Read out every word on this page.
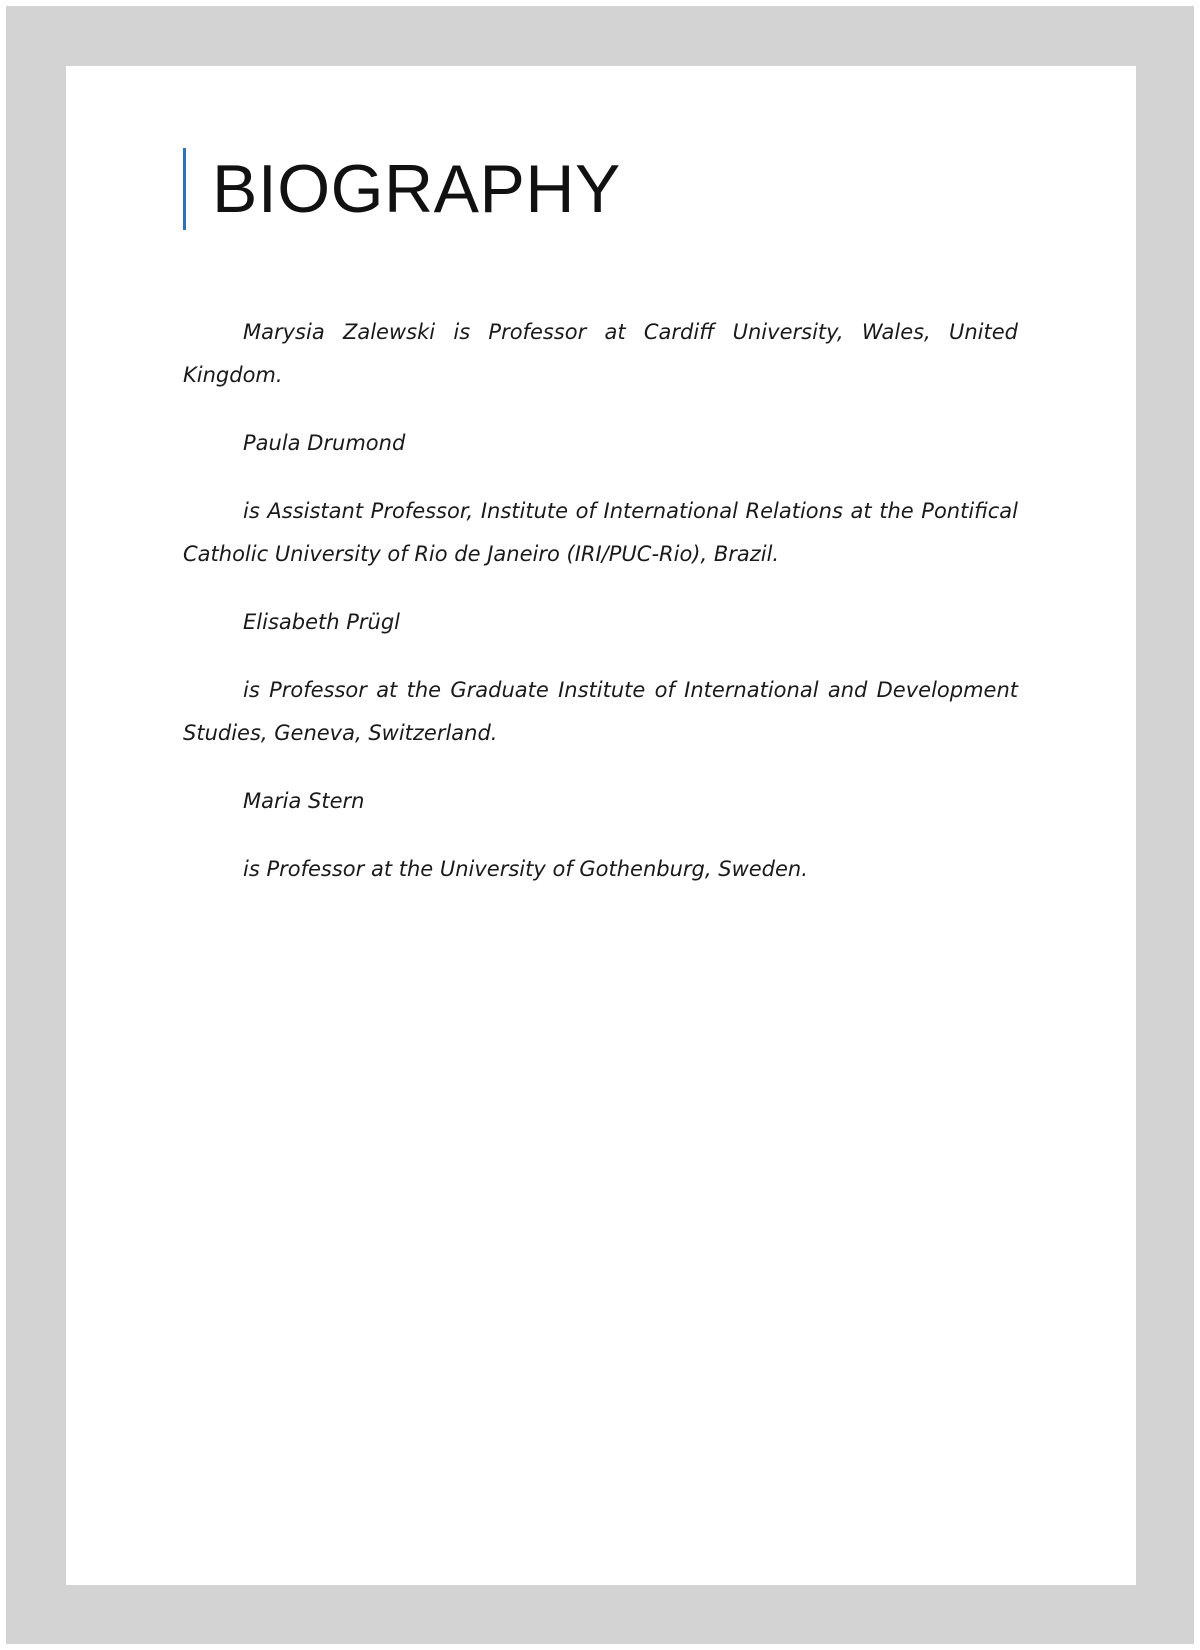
BIOGRAPHY

Marysia Zalewski is Professor at Cardiff University, Wales, United Kingdom.

Paula Drumond

is Assistant Professor, Institute of International Relations at the Pontifical Catholic University of Rio de Janeiro (IRI/PUC-Rio), Brazil.

Elisabeth Prügl

is Professor at the Graduate Institute of International and Development Studies, Geneva, Switzerland.

Maria Stern

is Professor at the University of Gothenburg, Sweden.
